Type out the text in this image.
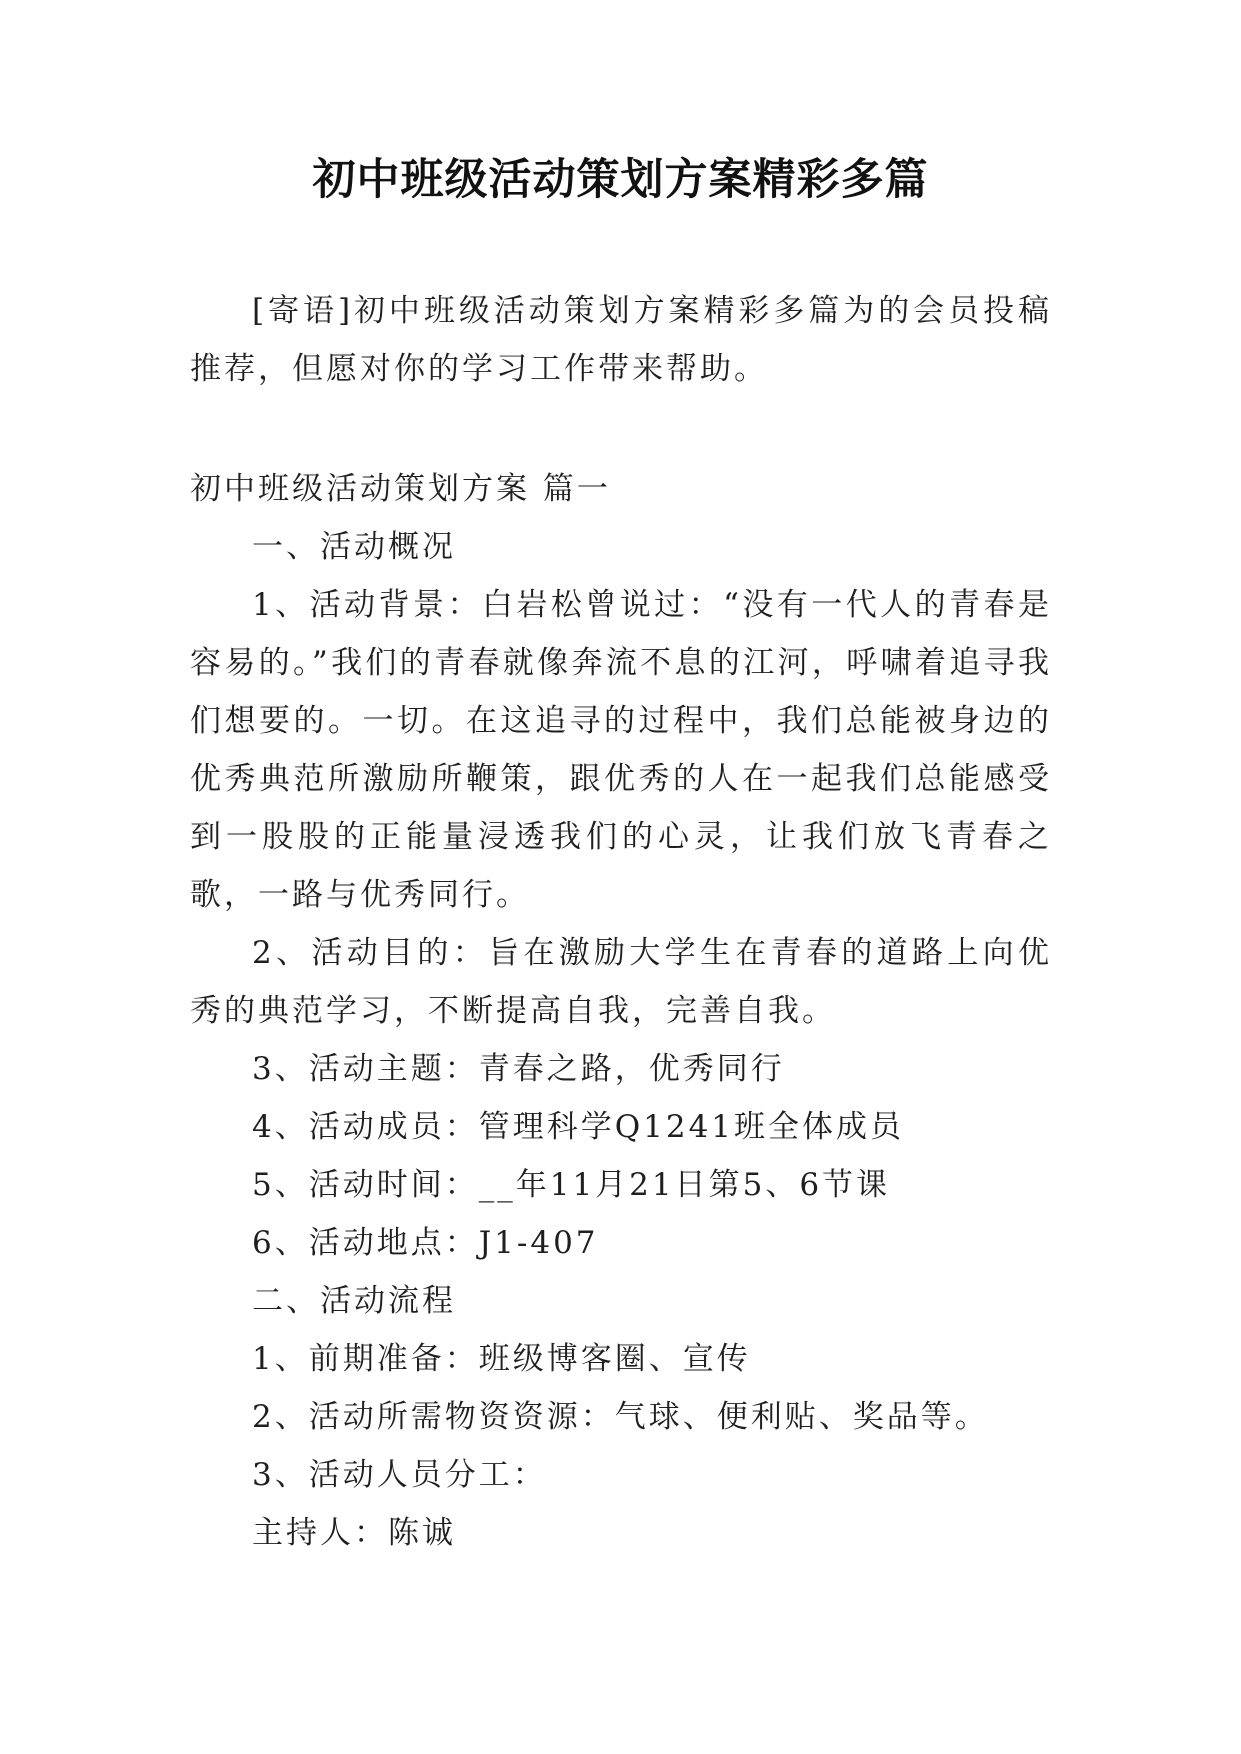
初中班级活动策划方案精彩多篇

[寄语]初中班级活动策划方案精彩多篇为的会员投稿推荐，但愿对你的学习工作带来帮助。

初中班级活动策划方案 篇一

一、活动概况

1、活动背景：白岩松曾说过：“没有一代人的青春是容易的。”我们的青春就像奔流不息的江河，呼啸着追寻我们想要的。一切。在这追寻的过程中，我们总能被身边的优秀典范所激励所鞭策，跟优秀的人在一起我们总能感受到一股股的正能量浸透我们的心灵，让我们放飞青春之歌，一路与优秀同行。

2、活动目的：旨在激励大学生在青春的道路上向优秀的典范学习，不断提高自我，完善自我。

3、活动主题：青春之路，优秀同行

4、活动成员：管理科学Q1241班全体成员

5、活动时间：__年11月21日第5、6节课

6、活动地点：J1-407

二、活动流程

1、前期准备：班级博客圈、宣传

2、活动所需物资资源：气球、便利贴、奖品等。

3、活动人员分工：

主持人：陈诚
